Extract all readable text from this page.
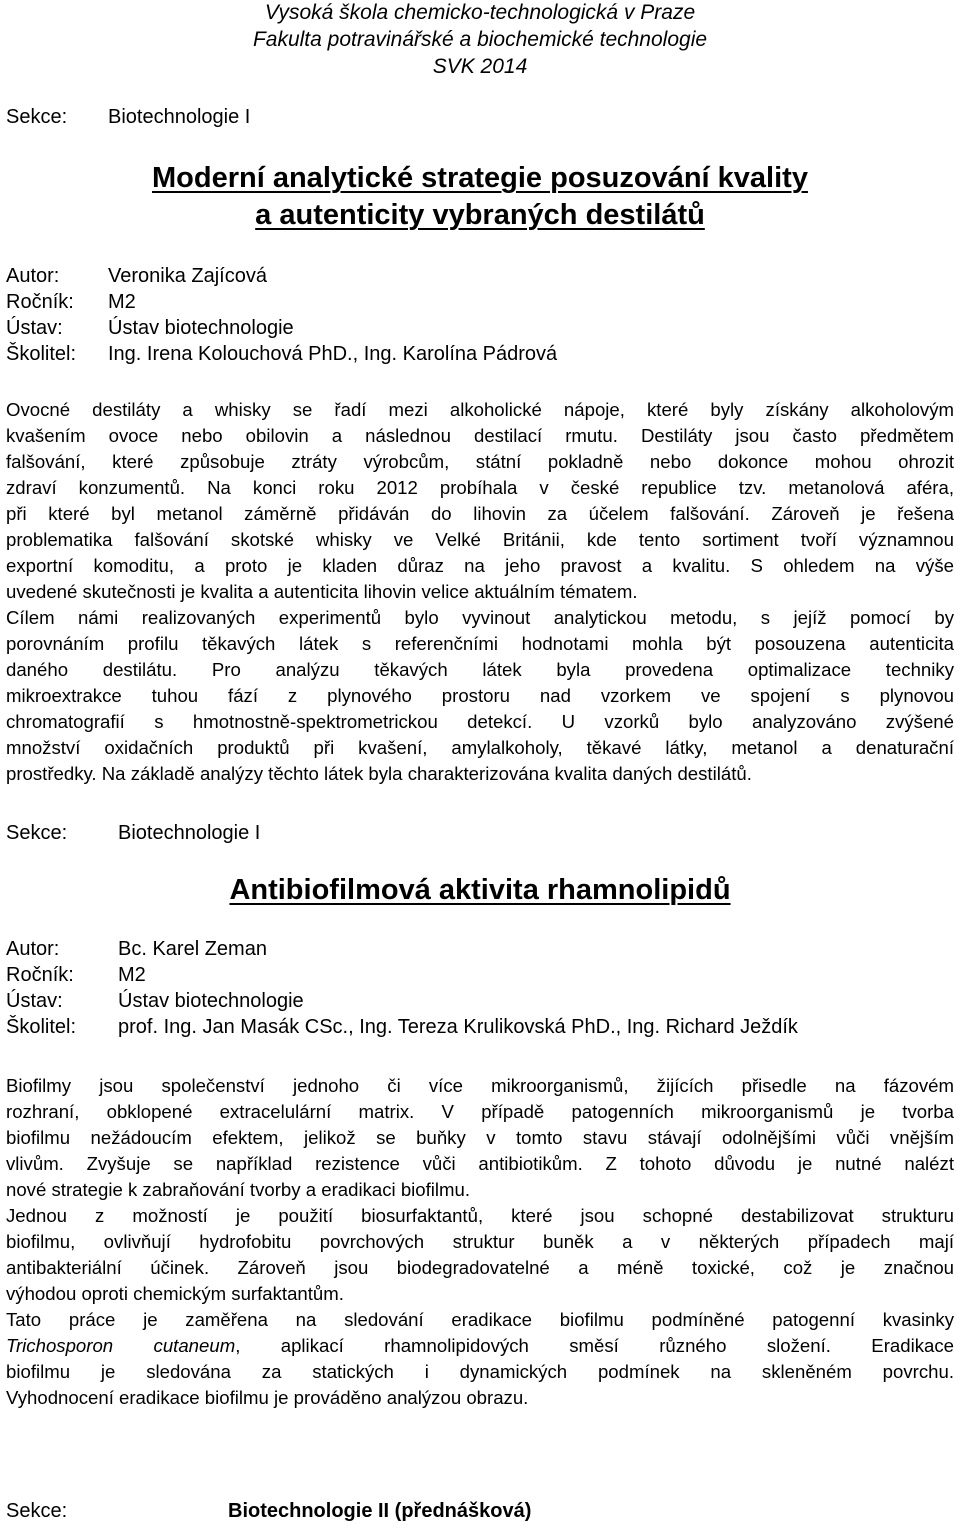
Vysoká škola chemicko-technologická v Praze
Fakulta potravinářské a biochemické technologie
SVK 2014
Sekce: Biotechnologie I
Moderní analytické strategie posuzování kvality
a autenticity vybraných destilátů
Autor: Veronika Zajícová
Ročník: M2
Ústav: Ústav biotechnologie
Školitel: Ing. Irena Kolouchová PhD., Ing. Karolína Pádrová
Ovocné destiláty a whisky se řadí mezi alkoholické nápoje, které byly získány alkoholovým
kvašením ovoce nebo obilovin a následnou destilací rmutu. Destiláty jsou často předmětem
falšování, které způsobuje ztráty výrobcům, státní pokladně nebo dokonce mohou ohrozit
zdraví konzumentů. Na konci roku 2012 probíhala v české republice tzv. metanolová aféra,
při které byl metanol záměrně přidáván do lihovin za účelem falšování. Zároveň je řešena
problematika falšování skotské whisky ve Velké Británii, kde tento sortiment tvoří významnou
exportní komoditu, a proto je kladen důraz na jeho pravost a kvalitu. S ohledem na výše
uvedené skutečnosti je kvalita a autenticita lihovin velice aktuálním tématem.
Cílem námi realizovaných experimentů bylo vyvinout analytickou metodu, s jejíž pomocí by
porovnáním profilu těkavých látek s referenčními hodnotami mohla být posouzena autenticita
daného destilátu. Pro analýzu těkavých látek byla provedena optimalizace techniky
mikroextrakce tuhou fází z plynového prostoru nad vzorkem ve spojení s plynovou
chromatografií s hmotnostně-spektrometrickou detekcí. U vzorků bylo analyzováno zvýšené
množství oxidačních produktů při kvašení, amylalkoholy, těkavé látky, metanol a denaturační
prostředky. Na základě analýzy těchto látek byla charakterizována kvalita daných destilátů.
Sekce:	Biotechnologie I
Antibiofilmová aktivita rhamnolipidů
Autor:	Bc. Karel Zeman
Ročník: M2
Ústav:	Ústav biotechnologie
Školitel: prof. Ing. Jan Masák CSc., Ing. Tereza Krulikovská PhD., Ing. Richard Ježdík
Biofilmy jsou společenství jednoho či více mikroorganismů, žijících přisedle na fázovém
rozhraní, obklopené extracelulární matrix. V případě patogenních mikroorganismů je tvorba
biofilmu nežádoucím efektem, jelikož se buňky v tomto stavu stávají odolnějšími vůči vnějším
vlivům. Zvyšuje se například rezistence vůči antibiotikům. Z tohoto důvodu je nutné nalézt
nové strategie k zabraňování tvorby a eradikaci biofilmu.
Jednou z možností je použití biosurfaktantů, které jsou schopné destabilizovat strukturu
biofilmu, ovlivňují hydrofobitu povrchových struktur buněk a v některých případech mají
antibakteriální účinek. Zároveň jsou biodegradovatelné a méně toxické, což je značnou
výhodou oproti chemickým surfaktantům.
Tato práce je zaměřena na sledování eradikace biofilmu podmíněné patogenní kvasinky
Trichosporon cutaneum, aplikací rhamnolipidových směsí různého složení. Eradikace
biofilmu je sledována za statických i dynamických podmínek na skleněném povrchu.
Vyhodnocení eradikace biofilmu je prováděno analýzou obrazu.
Sekce:	Biotechnologie II (přednášková)
